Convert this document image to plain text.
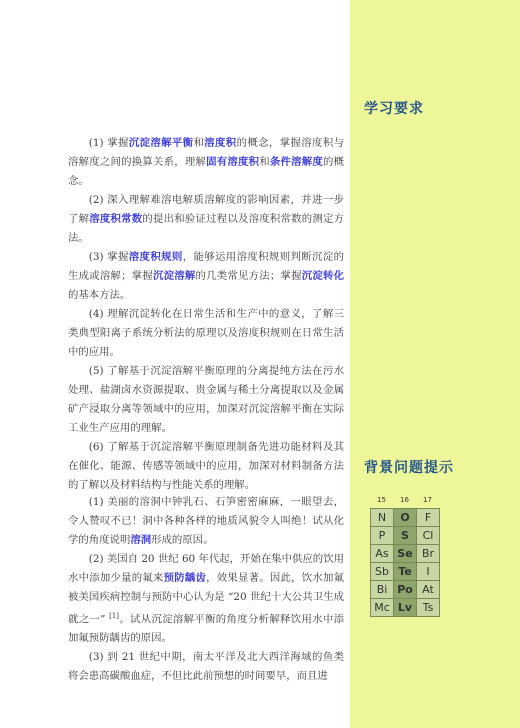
学习要求
背景问题提示

(1) 掌握沉淀溶解平衡和溶度积的概念，掌握溶度积与溶解度之间的换算关系，理解固有溶度积和条件溶解度的概念。

(2) 深入理解难溶电解质溶解度的影响因素，并进一步了解溶度积常数的提出和验证过程以及溶度积常数的测定方法。

(3) 掌握溶度积规则，能够运用溶度积规则判断沉淀的生成或溶解；掌握沉淀溶解的几类常见方法；掌握沉淀转化的基本方法。

(4) 理解沉淀转化在日常生活和生产中的意义，了解三类典型阳离子系统分析法的原理以及溶度积规则在日常生活中的应用。

(5) 了解基于沉淀溶解平衡原理的分离提纯方法在污水处理、盐湖卤水资源提取、贵金属与稀土分离提取以及金属矿产浸取分离等领域中的应用，加深对沉淀溶解平衡在实际工业生产应用的理解。

(6) 了解基于沉淀溶解平衡原理制备先进功能材料及其在催化、能源、传感等领域中的应用，加深对材料制备方法的了解以及材料结构与性能关系的理解。

(1) 美丽的溶洞中钟乳石、石笋密密麻麻，一眼望去，令人赞叹不已！洞中各种各样的地质风貌令人叫绝！试从化学的角度说明溶洞形成的原因。

(2) 美国自 20 世纪 60 年代起，开始在集中供应的饮用水中添加少量的氟来预防龋齿，效果显著。因此，饮水加氟被美国疾病控制与预防中心认为是 “20 世纪十大公共卫生成就之一” [1]。试从沉淀溶解平衡的角度分析解释饮用水中添加氟预防龋齿的原因。

(3) 到 21 世纪中期，南太平洋及北大西洋海域的鱼类将会患高碳酸血症，不但比此前预想的时间要早，而且进

15	16	17
N	O	F
P	S	Cl
As Se Br
Sb Te	I
Bi Po At
Mc Lv Ts
